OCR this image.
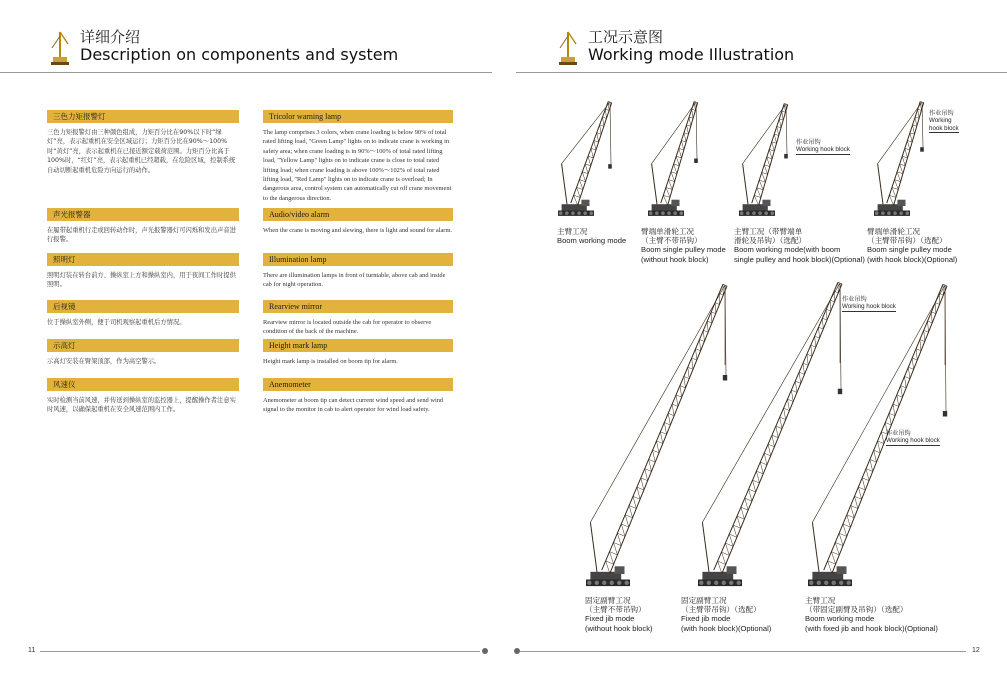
详细介绍
Description on components and system
工况示意图
Working mode Illustration
三色力矩报警灯
三色力矩报警灯由三种颜色组成，力矩百分比在90%以下时“绿灯”亮，表示起重机在安全区域运行；力矩百分比在90%～100%时“黄灯”亮，表示起重机在已接近额定载荷范围。力矩百分比高于100%时，“红灯”亮，表示起重机已经超载，在危险区域，控制系统自动切断起重机危险方向运行的动作。
声光报警器
在履带起重机行走或回转动作时，声光报警器灯可闪烁和发出声音进行报警。
照明灯
照明灯装在转台前方、操纵室上方和操纵室内，用于夜间工作时提供照明。
后视镜
位于操纵室外侧，便于司机观察起重机后方情况。
示高灯
示高灯安装在臂架顶部，作为高空警示。
风速仪
实时检测当前风速，并传送到操纵室的监控器上，提醒操作者注意实时风速，以确保起重机在安全风速范围内工作。
Tricolor warning lamp
The lamp comprises 3 colors, when crane loading is below 90% of total rated lifting load, "Green Lamp" lights on to indicate crane is working in safety area; when crane loading is in 90%～100% of total rated lifting load, "Yellow Lamp" lights on to indicate crane is close to total rated lifting load; when crane loading is above 100%～102% of total rated lifting load, "Red Lamp" lights on to indicate crane is overload; In dangerous area, control system can automatically cut off crane movement to the dangerous direction.
Audio/video alarm
When the crane is moving and slewing, there is light and sound for alarm.
Illumination lamp
There are illumination lamps in front of turntable, above cab and inside cab for night operation.
Rearview mirror
Rearview mirror is located outside the cab for operator to observe condition of the back of the machine.
Height mark lamp
Height mark lamp is installed on boom tip for alarm.
Anemometer
Anemometer at boom tip can detect current wind speed and send wind signal to the monitor in cab to alert operator for wind load safety.
主臂工况
Boom working mode
臂端单滑轮工况
（主臂不带吊钩）
Boom single pulley mode
(without hook block)
主臂工况（带臂端单
滑轮及吊钩）（选配）
Boom working mode(with boom
single pulley and hook block)(Optional)
臂端单滑轮工况
（主臂带吊钩）（选配）
Boom single pulley mode
(with hook block)(Optional)
固定副臂工况
（主臂不带吊钩）
Fixed jib mode
(without hook block)
固定副臂工况
（主臂带吊钩）（选配）
Fixed jib mode
(with hook block)(Optional)
主臂工况
（带固定副臂及吊钩）（选配）
Boom working mode
(with fixed jib and hook block)(Optional)
作业吊钩
Working hook block
作业吊钩
Working
hook block
作业吊钩
Working hook block
作业吊钩
Working hook block
11	12
